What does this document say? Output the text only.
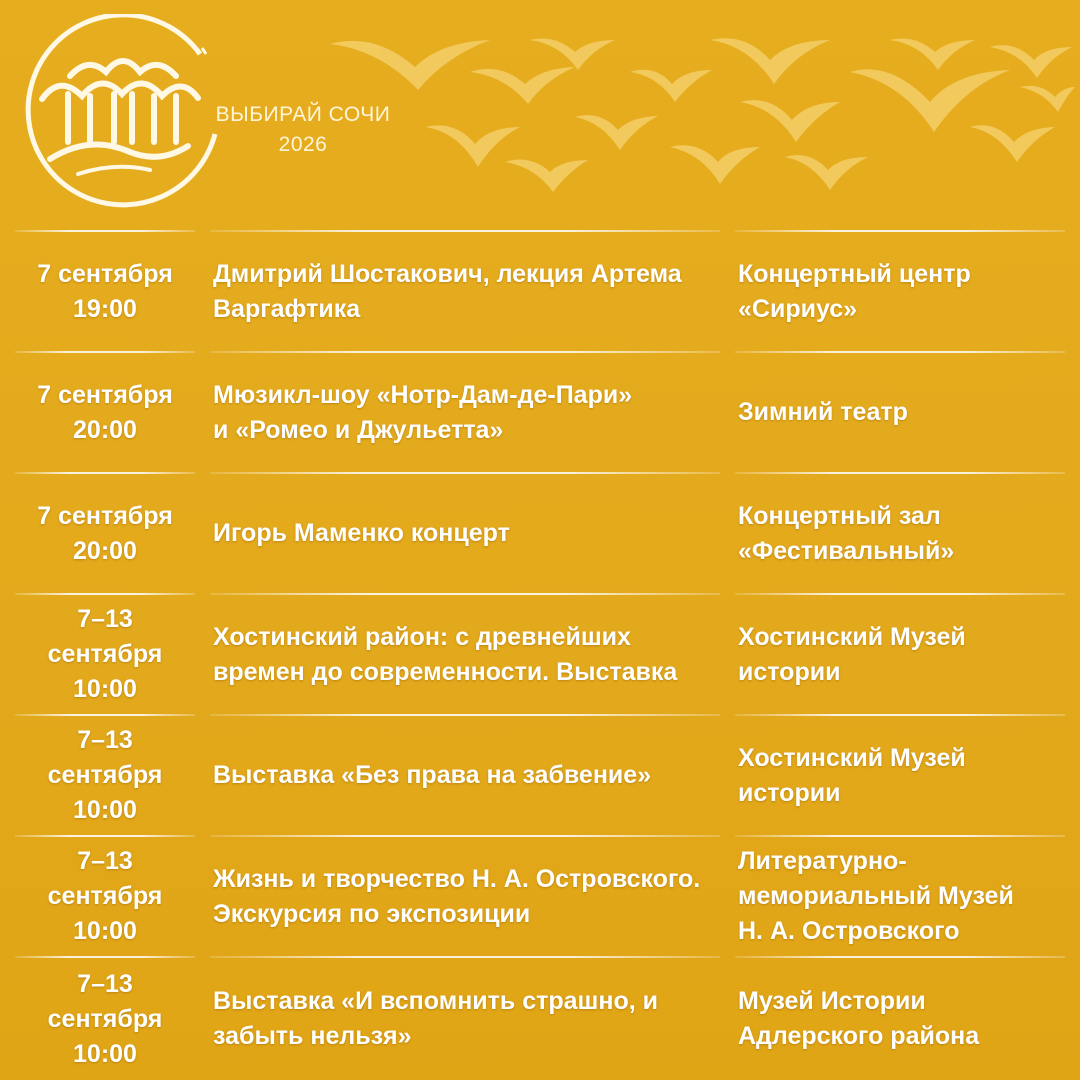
ВЫБИРАЙ СОЧИ
2026
7 сентября
19:00
Дмитрий Шостакович, лекция Артема
Варгафтика
Концертный центр
«Сириус»
7 сентября
20:00
Мюзикл-шоу «Нотр-Дам-де-Пари»
и «Ромео и Джульетта»
Зимний театр
7 сентября
20:00
Игорь Маменко концерт
Концертный зал
«Фестивальный»
7–13
сентября
10:00
Хостинский район: с древнейших
времен до современности. Выставка
Хостинский Музей
истории
7–13
сентября
10:00
Выставка «Без права на забвение»
Хостинский Музей
истории
7–13
сентября
10:00
Жизнь и творчество Н. А. Островского.
Экскурсия по экспозиции
Литературно-
мемориальный Музей
Н. А. Островского
7–13
сентября
10:00
Выставка «И вспомнить страшно, и
забыть нельзя»
Музей Истории
Адлерского района
